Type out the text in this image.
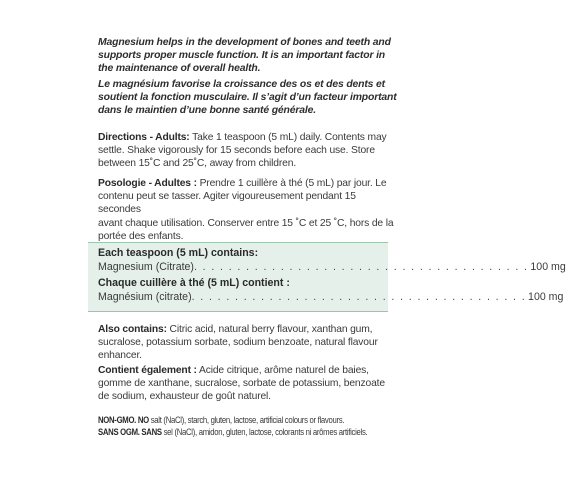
Magnesium helps in the development of bones and teeth and
supports proper muscle function. It is an important factor in
the maintenance of overall health.
Le magnésium favorise la croissance des os et des dents et
soutient la fonction musculaire. Il s’agit d’un facteur important
dans le maintien d’une bonne santé générale.
Directions - Adults: Take 1 teaspoon (5 mL) daily. Contents may
settle. Shake vigorously for 15 seconds before each use. Store
between 15˚C and 25˚C, away from children.
Posologie - Adultes : Prendre 1 cuillère à thé (5 mL) par jour. Le
contenu peut se tasser. Agiter vigoureusement pendant 15 secondes
avant chaque utilisation. Conserver entre 15 ˚C et 25 ˚C, hors de la
portée des enfants.
Each teaspoon (5 mL) contains:
Magnesium (Citrate) . . . . . . . . . . . . . . . . . . . . . . . . . . . . . . . . . . . . . . . 100 mg
Chaque cuillère à thé (5 mL) contient :
Magnésium (citrate) . . . . . . . . . . . . . . . . . . . . . . . . . . . . . . . . . . . . . . . 100 mg
Also contains: Citric acid, natural berry flavour, xanthan gum,
sucralose, potassium sorbate, sodium benzoate, natural flavour
enhancer.
Contient également : Acide citrique, arôme naturel de baies,
gomme de xanthane, sucralose, sorbate de potassium, benzoate
de sodium, exhausteur de goût naturel.
NON-GMO. NO salt (NaCl), starch, gluten, lactose, artificial colours or flavours.
SANS OGM. SANS sel (NaCl), amidon, gluten, lactose, colorants ni arômes artificiels.
